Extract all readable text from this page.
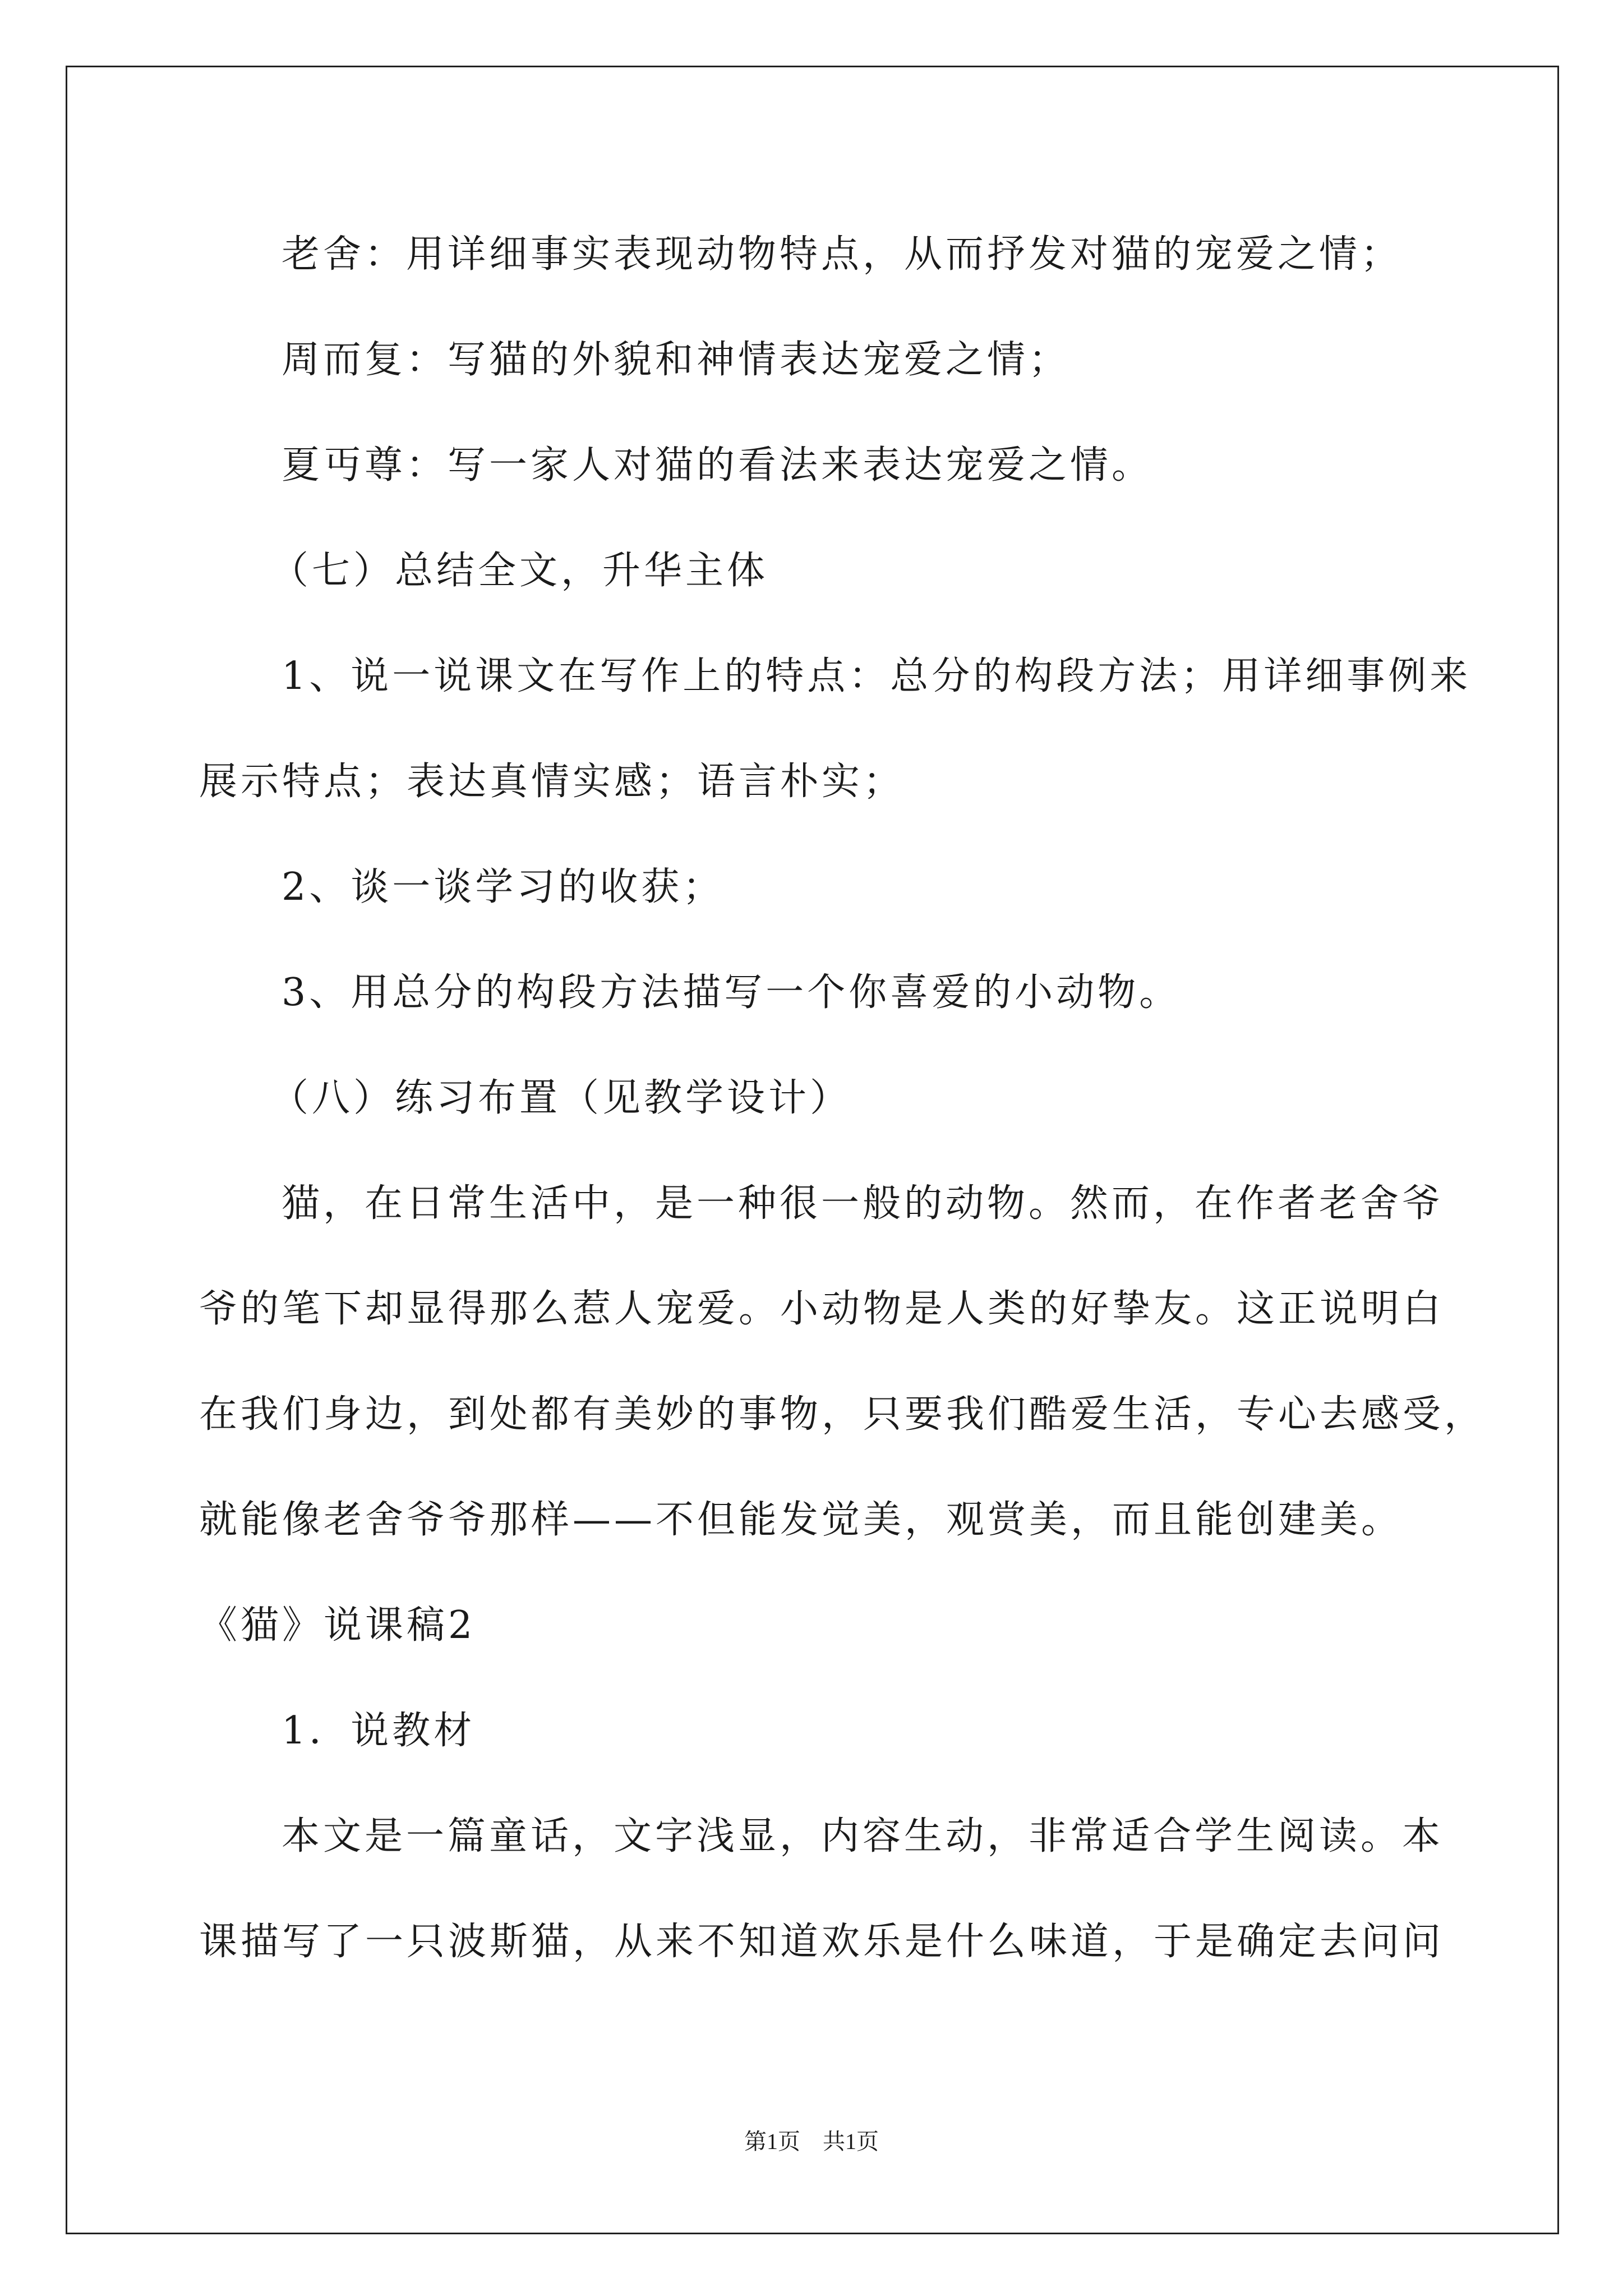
老舍：用详细事实表现动物特点，从而抒发对猫的宠爱之情；
周而复：写猫的外貌和神情表达宠爱之情；
夏丏尊：写一家人对猫的看法来表达宠爱之情。
（七）总结全文，升华主体
1、说一说课文在写作上的特点：总分的构段方法；用详细事例来
展示特点；表达真情实感；语言朴实；
2、谈一谈学习的收获；
3、用总分的构段方法描写一个你喜爱的小动物。
（八）练习布置（见教学设计）
猫，在日常生活中，是一种很一般的动物。然而，在作者老舍爷
爷的笔下却显得那么惹人宠爱。小动物是人类的好挚友。这正说明白
在我们身边，到处都有美妙的事物，只要我们酷爱生活，专心去感受，
就能像老舍爷爷那样——不但能发觉美，观赏美，而且能创建美。
《猫》说课稿2
1．说教材
本文是一篇童话，文字浅显，内容生动，非常适合学生阅读。本
课描写了一只波斯猫，从来不知道欢乐是什么味道，于是确定去问问
第1页　共1页
